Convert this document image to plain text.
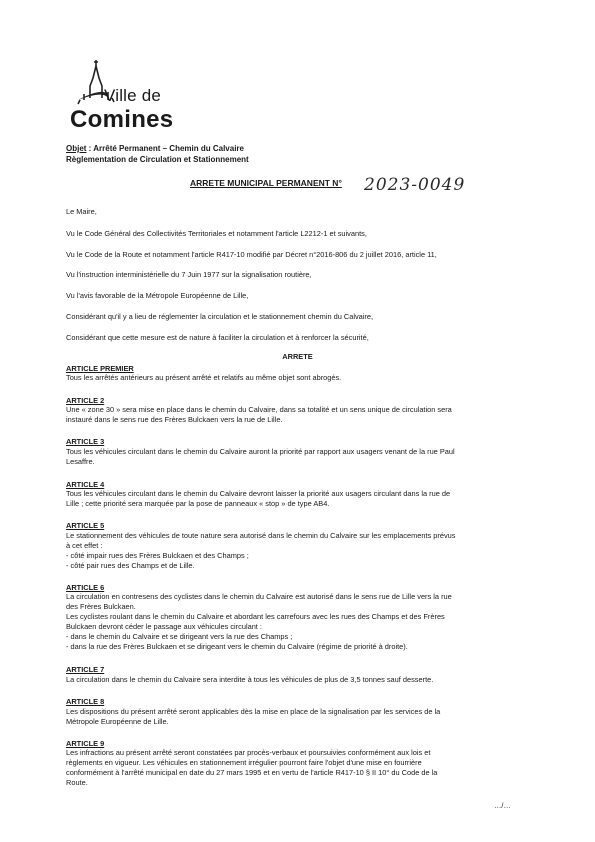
Ville de
Comines
Objet : Arrêté Permanent – Chemin du Calvaire
Règlementation de Circulation et Stationnement
ARRETE MUNICIPAL PERMANENT N° 2023-0049
Le Maire,
Vu le Code Général des Collectivités Territoriales et notamment l'article L2212-1 et suivants,
Vu le Code de la Route et notamment l'article R417-10 modifié par Décret n°2016-806 du 2 juillet 2016, article 11,
Vu l'instruction interministérielle du 7 Juin 1977 sur la signalisation routière,
Vu l'avis favorable de la Métropole Européenne de Lille,
Considérant qu'il y a lieu de réglementer la circulation et le stationnement chemin du Calvaire,
Considérant que cette mesure est de nature à faciliter la circulation et à renforcer la sécurité,
ARRETE
ARTICLE PREMIER
Tous les arrêtés antérieurs au présent arrêté et relatifs au même objet sont abrogés.
ARTICLE 2
Une « zone 30 » sera mise en place dans le chemin du Calvaire, dans sa totalité et un sens unique de circulation sera
instauré dans le sens rue des Frères Bulckaen vers la rue de Lille.
ARTICLE 3
Tous les véhicules circulant dans le chemin du Calvaire auront la priorité par rapport aux usagers venant de la rue Paul
Lesaffre.
ARTICLE 4
Tous les véhicules circulant dans le chemin du Calvaire devront laisser la priorité aux usagers circulant dans la rue de
Lille ; cette priorité sera marquée par la pose de panneaux « stop » de type AB4.
ARTICLE 5
Le stationnement des véhicules de toute nature sera autorisé dans le chemin du Calvaire sur les emplacements prévus
à cet effet :
- côté impair rues des Frères Bulckaen et des Champs ;
- côté pair rues des Champs et de Lille.
ARTICLE 6
La circulation en contresens des cyclistes dans le chemin du Calvaire est autorisé dans le sens rue de Lille vers la rue
des Frères Bulckaen.
Les cyclistes roulant dans le chemin du Calvaire et abordant les carrefours avec les rues des Champs et des Frères
Bulckaen devront céder le passage aux véhicules circulant :
- dans le chemin du Calvaire et se dirigeant vers la rue des Champs ;
- dans la rue des Frères Bulckaen et se dirigeant vers le chemin du Calvaire (régime de priorité à droite).
ARTICLE 7
La circulation dans le chemin du Calvaire sera interdite à tous les véhicules de plus de 3,5 tonnes sauf desserte.
ARTICLE 8
Les dispositions du présent arrêté seront applicables dès la mise en place de la signalisation par les services de la
Métropole Européenne de Lille.
ARTICLE 9
Les infractions au présent arrêté seront constatées par procès-verbaux et poursuivies conformément aux lois et
règlements en vigueur. Les véhicules en stationnement irrégulier pourront faire l'objet d'une mise en fourrière
conformément à l'arrêté municipal en date du 27 mars 1995 et en vertu de l'article R417-10 § II 10° du Code de la
Route.
…/…
